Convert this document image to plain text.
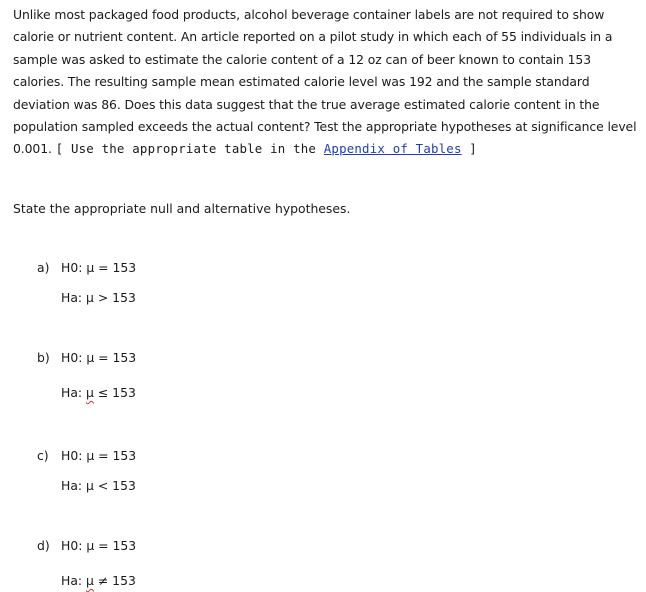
Unlike most packaged food products, alcohol beverage container labels are not required to show calorie or nutrient content. An article reported on a pilot study in which each of 55 individuals in a sample was asked to estimate the calorie content of a 12 oz can of beer known to contain 153 calories. The resulting sample mean estimated calorie level was 192 and the sample standard deviation was 86. Does this data suggest that the true average estimated calorie content in the population sampled exceeds the actual content? Test the appropriate hypotheses at significance level 0.001. [ Use the appropriate table in the Appendix of Tables ]
State the appropriate null and alternative hypotheses.
a) H0: μ = 153
Ha: μ > 153
b) H0: μ = 153
Ha: μ ≤ 153
c) H0: μ = 153
Ha: μ < 153
d) H0: μ = 153
Ha: μ ≠ 153
